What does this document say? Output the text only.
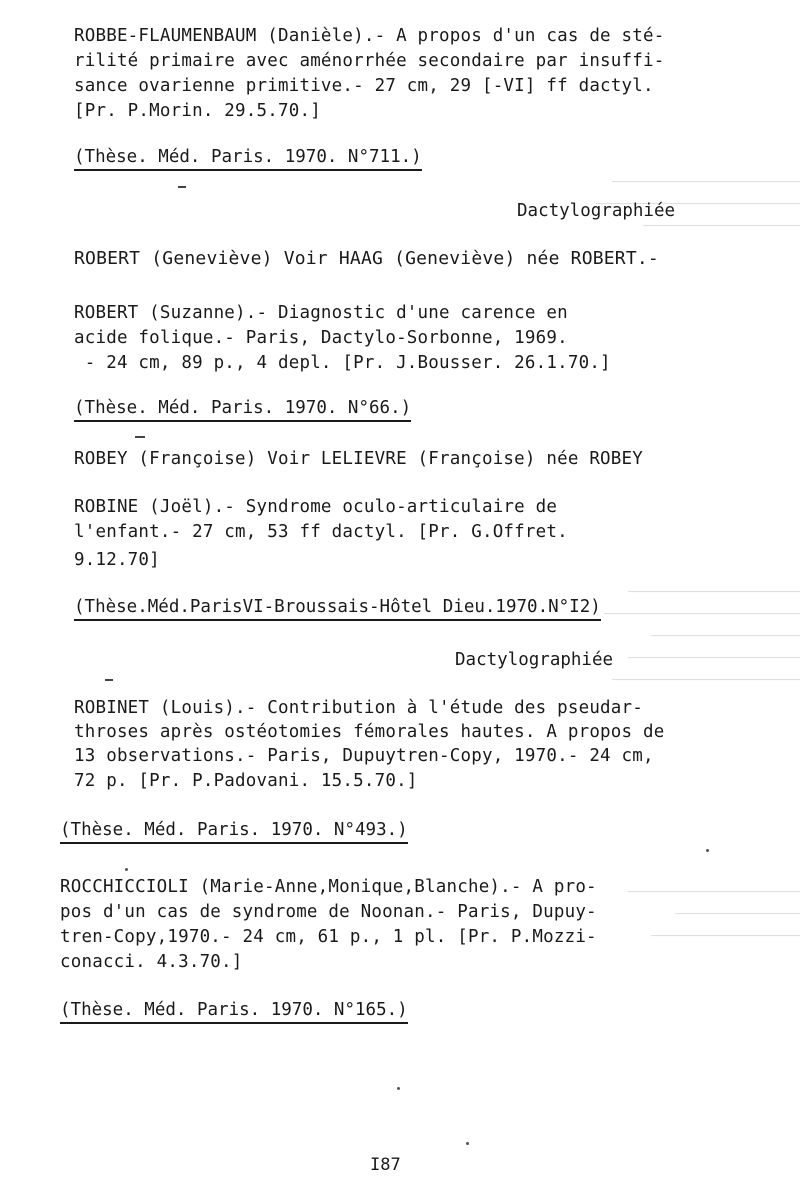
────────────────────────
──────────────────────────
────────────────────

──────────────────────
─────────────────────────
───────────────────
──────────────────────
────────────────────────

──────────────────────
────────────────
───────────────────

ROBBE-FLAUMENBAUM (Danièle).- A propos d'un cas de sté-
rilité primaire avec aménorrhée secondaire par insuffi-
sance ovarienne primitive.- 27 cm, 29 [-VI] ff dactyl.
[Pr. P.Morin. 29.5.70.]
(Thèse. Méd. Paris. 1970. N°711.)
Dactylographiée
ROBERT (Geneviève) Voir HAAG (Geneviève) née ROBERT.-
ROBERT (Suzanne).- Diagnostic d'une carence en
acide folique.- Paris, Dactylo-Sorbonne, 1969.
- 24 cm, 89 p., 4 depl. [Pr. J.Bousser. 26.1.70.]
(Thèse. Méd. Paris. 1970. N°66.)
ROBEY (Françoise) Voir LELIEVRE (Françoise) née ROBEY
ROBINE (Joël).- Syndrome oculo-articulaire de
l'enfant.- 27 cm, 53 ff dactyl. [Pr. G.Offret.
9.12.70]
(Thèse.Méd.ParisVI-Broussais-Hôtel Dieu.1970.N°I2)
Dactylographiée
ROBINET (Louis).- Contribution à l'étude des pseudar-
throses après ostéotomies fémorales hautes. A propos de
13 observations.- Paris, Dupuytren-Copy, 1970.- 24 cm,
72 p. [Pr. P.Padovani. 15.5.70.]
(Thèse. Méd. Paris. 1970. N°493.)
ROCCHICCIOLI (Marie-Anne,Monique,Blanche).- A pro-
pos d'un cas de syndrome de Noonan.- Paris, Dupuy-
tren-Copy,1970.- 24 cm, 61 p., 1 pl. [Pr. P.Mozzi-
conacci. 4.3.70.]
(Thèse. Méd. Paris. 1970. N°165.)
I87
